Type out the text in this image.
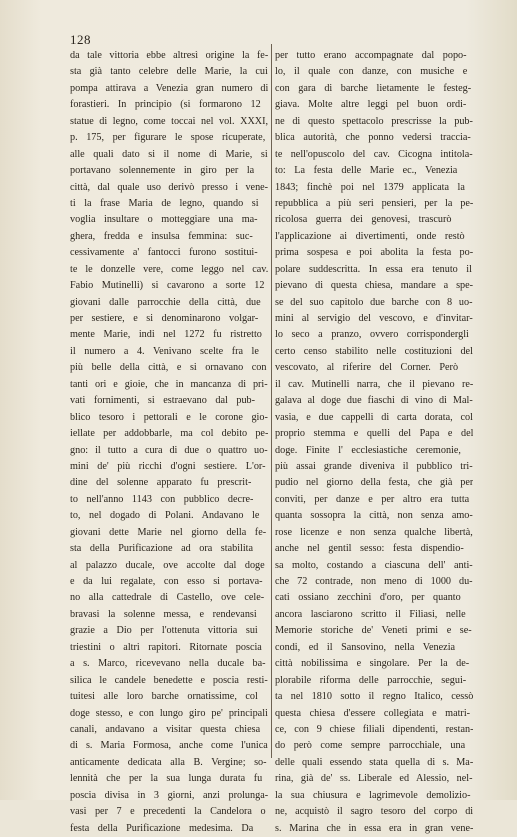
128
da tale vittoria ebbe altresì origine la fe-
sta già tanto celebre delle Marie, la cui
pompa attirava a Venezia gran numero di
forastieri. In principio (si formarono 12
statue di legno, come toccai nel vol. XXXI,
p. 175, per figurare le spose ricuperate,
alle quali dato si il nome di Marie, si
portavano solennemente in giro per la
città, dal quale uso derivò presso i vene-
ti la frase Maria de legno, quando si
voglia insultare o motteggiare una ma-
ghera, fredda e insulsa femmina: suc-
cessivamente a' fantocci furono sostitui-
te le donzelle vere, come leggo nel cav.
Fabio Mutinelli) si cavarono a sorte 12
giovani dalle parrocchie della città, due
per sestiere, e si denominarono volgar-
mente Marie, indi nel 1272 fu ristretto
il numero a 4. Venivano scelte fra le
più belle della città, e si ornavano con
tanti ori e gioie, che in mancanza di pri-
vati fornimenti, si estraevano dal pub-
blico tesoro i pettorali e le corone gio-
iellate per addobbarle, ma col debito pe-
gno: il tutto a cura di due o quattro uo-
mini de' più ricchi d'ogni sestiere. L'or-
dine del solenne apparato fu prescrit-
to nell'anno 1143 con pubblico decre-
to, nel dogado di Polani. Andavano le
giovani dette Marie nel giorno della fe-
sta della Purificazione ad ora stabilita
al palazzo ducale, ove accolte dal doge
e da lui regalate, con esso si portava-
no alla cattedrale di Castello, ove cele-
bravasi la solenne messa, e rendevansi
grazie a Dio per l'ottenuta vittoria sui
triestini o altri rapitori. Ritornate poscia
a s. Marco, ricevevano nella ducale ba-
silica le candele benedette e poscia resti-
tuitesi alle loro barche ornatissime, col
doge stesso, e con lungo giro pe' principali
canali, andavano a visitar questa chiesa
di s. Maria Formosa, anche come l'unica
anticamente dedicata alla B. Vergine; so-
lennità che per la sua lunga durata fu
poscia divisa in 3 giorni, anzi prolunga-
vasi per 7 e precedenti la Candelora o
festa della Purificazione medesima. Da
per tutto erano accompagnate dal popo-
lo, il quale con danze, con musiche e
con gara di barche lietamente le festeg-
giava. Molte altre leggi pel buon ordi-
ne di questo spettacolo prescrisse la pub-
blica autorità, che ponno vedersi traccia-
te nell'opuscolo del cav. Cicogna intitola-
to: La festa delle Marie ec., Venezia
1843; finchè poi nel 1379 applicata la
repubblica a più seri pensieri, per la pe-
ricolosa guerra dei genovesi, trascurò
l'applicazione ai divertimenti, onde restò
prima sospesa e poi abolita la festa po-
polare suddescritta. In essa era tenuto il
pievano di questa chiesa, mandare a spe-
se del suo capitolo due barche con 8 uo-
mini al servigio del vescovo, e d'invitar-
lo seco a pranzo, ovvero corrispondergli
certo censo stabilito nelle costituzioni del
vescovato, al riferire del Corner. Però
il cav. Mutinelli narra, che il pievano re-
galava al doge due fiaschi di vino di Mal-
vasia, e due cappelli di carta dorata, col
proprio stemma e quelli del Papa e del
doge. Finite l' ecclesiastiche ceremonie,
più assai grande diveniva il pubblico tri-
pudio nel giorno della festa, che già per
conviti, per danze e per altro era tutta
quanta sossopra la città, non senza amo-
rose licenze e non senza qualche libertà,
anche nel gentil sesso: festa dispendio-
sa molto, costando a ciascuna dell' anti-
che 72 contrade, non meno di 1000 du-
cati ossiano zecchini d'oro, per quanto
ancora lasciarono scritto il Filiasi, nelle
Memorie storiche de' Veneti primi e se-
condi, ed il Sansovino, nella Venezia
città nobilissima e singolare. Per la de-
plorabile riforma delle parrocchie, segui-
ta nel 1810 sotto il regno Italico, cessò
questa chiesa d'essere collegiata e matri-
ce, con 9 chiese filiali dipendenti, restan-
do però come sempre parrocchiale, una
delle quali essendo stata quella di s. Ma-
rina, già de' ss. Liberale ed Alessio, nel-
la sua chiusura e lagrimevole demolizio-
ne, acquistò il sagro tesoro del corpo di
s. Marina che in essa era in gran vene-
